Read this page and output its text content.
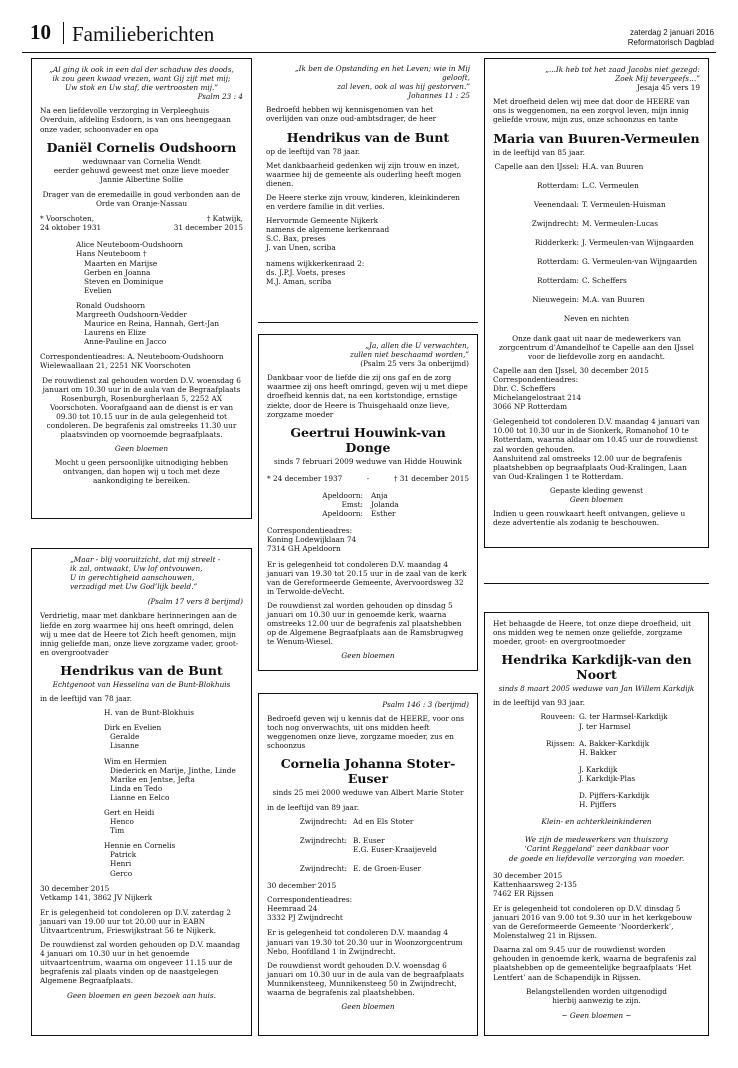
10 Familieberichten	zaterdag 2 januari 2016
Reformatorisch Dagblad
„Al ging ik ook in een dal der schaduw des doods,
ik zou geen kwaad vrezen, want Gij zijt met mij;
Uw stok en Uw staf, die vertroosten mij.”

Psalm 23 : 4

Na een liefdevolle verzorging in Verpleeghuis Overduin, afdeling Esdoorn, is van ons heengegaan onze vader, schoonvader en opa

Daniël Cornelis Oudshoorn
weduwnaar van Cornelia Wendt
eerder gehuwd geweest met onze lieve moeder
Jannie Albertine Sollie
Drager van de eremedaille in goud verbonden aan de
Orde van Oranje-Nassau
* Voorschoten,
24 oktober 1931
† Katwijk,
31 december 2015
Alice Neuteboom-Oudshoorn
Hans Neuteboom †
Maarten en Marijse
Gerben en Joanna
Steven en Dominique
Evelien
Ronald Oudshoorn
Margreeth Oudshoorn-Vedder
Maurice en Reina, Hannah, Gert-Jan
Laurens en Elize
Anne-Pauline en Jacco

Correspondentieadres: A. Neuteboom-Oudshoorn Wielewaallaan 21, 2251 NK Voorschoten

De rouwdienst zal gehouden worden D.V. woensdag 6 januari om 10.30 uur in de aula van de Begraafplaats Rosenburgh, Rosenburgherlaan 5, 2252 AX Voorschoten. Voorafgaand aan de dienst is er van 09.30 tot 10.15 uur in de aula gelegenheid tot condoleren. De begrafenis zal omstreeks 11.30 uur plaatsvinden op voornoemde begraafplaats.

Geen bloemen

Mocht u geen persoonlijke uitnodiging hebben ontvangen, dan hopen wij u toch met deze aankondiging te bereiken.

„Ik ben de Opstanding en het Leven; wie in Mij gelooft,
zal leven, ook al was hij gestorven.”

Johannes 11 : 25

Bedroefd hebben wij kennisgenomen van het overlijden van onze oud-ambtsdrager, de heer

Hendrikus van de Bunt

op de leeftijd van 78 jaar.

Met dankbaarheid gedenken wij zijn trouw en inzet, waarmee hij de gemeente als ouderling heeft mogen dienen.

De Heere sterke zijn vrouw, kinderen, kleinkinderen en verdere familie in dit verlies.

Hervormde Gemeente Nijkerk
namens de algemene kerkenraad
S.C. Bax, preses
J. van Unen, scriba
namens wijkkerkenraad 2:
ds. J.P.J. Voets, preses
M.J. Aman, scriba
„...Ik heb tot het zaad Jacobs niet gezegd:
Zoek Mij tevergeefs…”

Jesaja 45 vers 19

Met droefheid delen wij mee dat door de HEERE van ons is weggenomen, na een zorgvol leven, mijn innig geliefde vrouw, mijn zus, onze schoonzus en tante

Maria van Buuren-Vermeulen

in de leeftijd van 85 jaar.

Capelle aan den IJssel: H.A. van Buuren
Rotterdam: L.C. Vermeulen
Veenendaal: T. Vermeulen-Huisman
Zwijndrecht: M. Vermeulen-Lucas
Ridderkerk: J. Vermeulen-van Wijngaarden
Rotterdam: G. Vermeulen-van Wijngaarden
Rotterdam: C. Scheffers
Nieuwegein: M.A. van Buuren

Neven en nichten

Onze dank gaat uit naar de medewerkers van zorgcentrum d’Amandelhof te Capelle aan den IJssel voor de liefdevolle zorg en aandacht.

Capelle aan den IJssel, 30 december 2015
Correspondentieadres:
Dhr. C. Scheffers
Michelangelostraat 214
3066 NP Rotterdam

Gelegenheid tot condoleren D.V. maandag 4 januari van 10.00 tot 10.30 uur in de Sionkerk, Romanohof 10 te Rotterdam, waarna aldaar om 10.45 uur de rouwdienst zal worden gehouden.

Aansluitend zal omstreeks 12.00 uur de begrafenis plaatshebben op begraafplaats Oud-Kralingen, Laan van Oud-Kralingen 1 te Rotterdam.

Gepaste kleding gewenst

Geen bloemen

Indien u geen rouwkaart heeft ontvangen, gelieve u deze advertentie als zodanig te beschouwen.

„Ja, allen die U verwachten,
zullen niet beschaamd worden,”

(Psalm 25 vers 3a onberijmd)

Dankbaar voor de liefde die zij ons gaf en de zorg waarmee zij ons heeft omringd, geven wij u met diepe droefheid kennis dat, na een kortstondige, ernstige ziekte, door de Heere is Thuisgehaald onze lieve, zorgzame moeder

Geertrui Houwink-van Donge

sinds 7 februari 2009 weduwe van Hidde Houwink

* 24 december 1937	-	† 31 december 2015
Apeldoorn:	Anja
Emst:	Jolanda
Apeldoorn:	Esther
Correspondentieadres:
Koning Lodewijklaan 74
7314 GH Apeldoorn

Er is gelegenheid tot condoleren D.V. maandag 4 januari van 19.30 tot 20.15 uur in de zaal van de kerk van de Gereformeerde Gemeente, Avervoordsweg 32 in Terwolde-deVecht.

De rouwdienst zal worden gehouden op dinsdag 5 januari om 10.30 uur in genoemde kerk, waarna omstreeks 12.00 uur de begrafenis zal plaatshebben op de Algemene Begraafplaats aan de Ramsbrugweg te Wenum-Wiesel.

Geen bloemen

„Maar - blij vooruitzicht, dat mij streelt -
ik zal, ontwaakt, Uw lof ontvouwen,
U in gerechtigheid aanschouwen,
verzadigd met Uw God’lijk beeld.”

(Psalm 17 vers 8 berijmd)

Verdrietig, maar met dankbare herinneringen aan de liefde en zorg waarmee hij ons heeft omringd, delen wij u mee dat de Heere tot Zich heeft genomen, mijn innig geliefde man, onze lieve zorgzame vader, groot- en overgrootvader

Hendrikus van de Bunt

Echtgenoot van Hesselina van de Bunt-Blokhuis

in de leeftijd van 78 jaar.

H. van de Bunt-Blokhuis
Dirk en Evelien
Geralde
Lisanne
Wim en Hermien
Diederick en Marije, Jinthe, Linde
Marike en Jentse, Jefta
Linda en Tedo
Lianne en Eelco
Gert en Heidi
Henco
Tim
Hennie en Cornelis
Patrick
Henri
Gerco
30 december 2015
Vetkamp 141, 3862 JV Nijkerk

Er is gelegenheid tot condoleren op D.V. zaterdag 2 januari van 19.00 uur tot 20.00 uur in EABN Uitvaartcentrum, Frieswijkstraat 56 te Nijkerk.

De rouwdienst zal worden gehouden op D.V. maandag 4 januari om 10.30 uur in het genoemde uitvaartcentrum, waarna om ongeveer 11.15 uur de begrafenis zal plaats vinden op de naastgelegen Algemene Begraafplaats.

Geen bloemen en geen bezoek aan huis.

Psalm 146 : 3 (berijmd)

Bedroefd geven wij u kennis dat de HEERE, voor ons toch nog onverwachts, uit ons midden heeft weggenomen onze lieve, zorgzame moeder, zus en schoonzus

Cornelia Johanna Stoter-Euser

sinds 25 mei 2000 weduwe van Albert Marie Stoter

in de leeftijd van 89 jaar.

Zwijndrecht: Ad en Els Stoter
Zwijndrecht: B. Euser
E.G. Euser-Kraaijeveld
Zwijndrecht: E. de Groen-Euser

30 december 2015

Correspondentieadres:
Heemraad 24
3332 PJ Zwijndrecht

Er is gelegenheid tot condoleren D.V. maandag 4 januari van 19.30 tot 20.30 uur in Woonzorgcentrum Nebo, Hoofdland 1 in Zwijndrecht.

De rouwdienst wordt gehouden D.V. woensdag 6 januari om 10.30 uur in de aula van de begraafplaats Munnikensteeg, Munnikensteeg 50 in Zwijndrecht, waarna de begrafenis zal plaatshebben.

Geen bloemen

Het behaagde de Heere, tot onze diepe droefheid, uit ons midden weg te nemen onze geliefde, zorgzame moeder, groot- en overgrootmoeder

Hendrika Karkdijk-van den Noort

sinds 8 maart 2005 weduwe van Jan Willem Karkdijk

in de leeftijd van 93 jaar.

Rouveen: G. ter Harmsel-Karkdijk
J. ter Harmsel
Rijssen: A. Bakker-Karkdijk
H. Bakker
J. Karkdijk
J. Karkdijk-Plas
D. Pijffers-Karkdijk
H. Pijffers

Klein- en achterkleinkinderen

We zijn de medewerkers van thuiszorg
‘Carint Reggeland’ zeer dankbaar voor
de goede en liefdevolle verzorging van moeder.
30 december 2015
Kattenhaarsweg 2-135
7462 ER Rijssen

Er is gelegenheid tot condoleren op D.V. dinsdag 5 januari 2016 van 9.00 tot 9.30 uur in het kerkgebouw van de Gereformeerde Gemeente ‘Noorderkerk’, Molenstalweg 21 in Rijssen.

Daarna zal om 9.45 uur de rouwdienst worden gehouden in genoemde kerk, waarna de begrafenis zal plaatshebben op de gemeentelijke begraafplaats ‘Het Lentfert’ aan de Schapendijk in Rijssen.

Belangstellenden worden uitgenodigd
hierbij aanwezig te zijn.

~ Geen bloemen ~
